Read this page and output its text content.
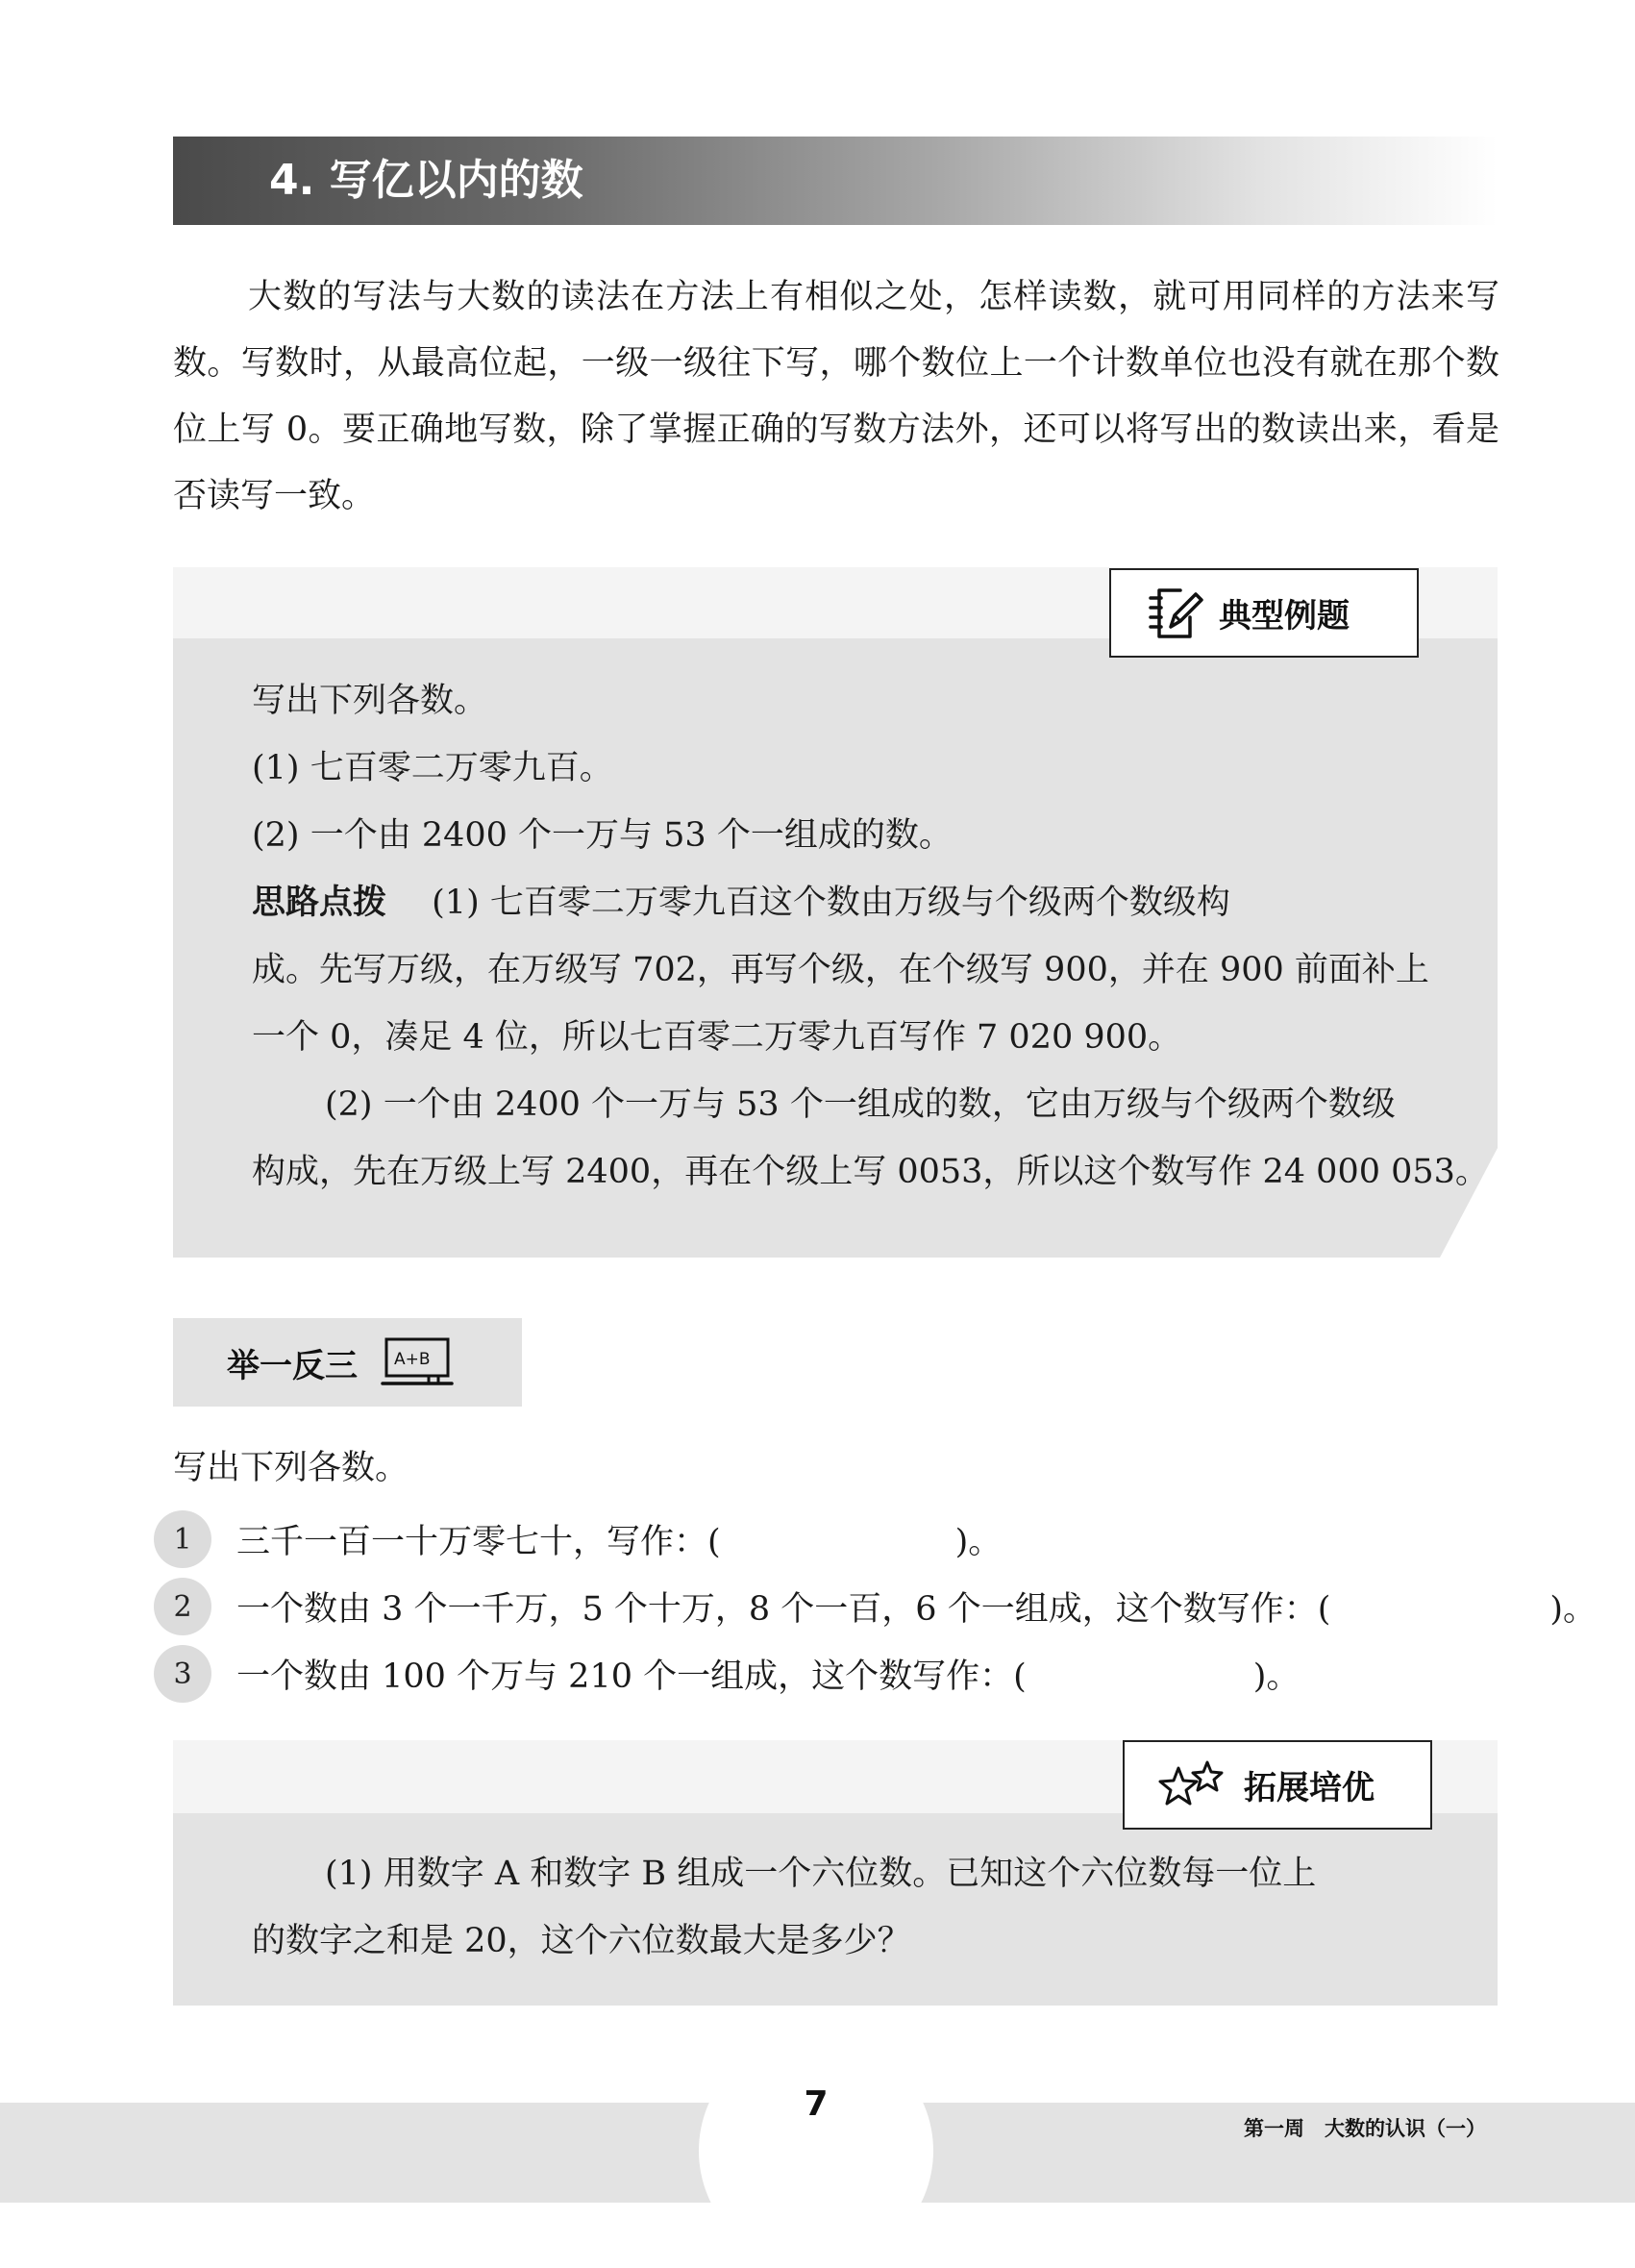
4. 写亿以内的数
大数的写法与大数的读法在方法上有相似之处，怎样读数，就可用同样的方法来写数。写数时，从最高位起，一级一级往下写，哪个数位上一个计数单位也没有就在那个数位上写 0。要正确地写数，除了掌握正确的写数方法外，还可以将写出的数读出来，看是否读写一致。
典型例题
写出下列各数。
(1) 七百零二万零九百。
(2) 一个由 2400 个一万与 53 个一组成的数。
思路点拨 (1) 七百零二万零九百这个数由万级与个级两个数级构
成。先写万级，在万级写 702，再写个级，在个级写 900，并在 900 前面补上
一个 0，凑足 4 位，所以七百零二万零九百写作 7 020 900。
(2) 一个由 2400 个一万与 53 个一组成的数，它由万级与个级两个数级
构成，先在万级上写 2400，再在个级上写 0053，所以这个数写作 24 000 053。
举一反三 A+B
写出下列各数。
1	三千一百一十万零七十，写作：(	)。
2	一个数由 3 个一千万，5 个十万，8 个一百，6 个一组成，这个数写作：(	)。
3	一个数由 100 个万与 210 个一组成，这个数写作：(	)。
拓展培优
(1) 用数字 A 和数字 B 组成一个六位数。已知这个六位数每一位上
的数字之和是 20，这个六位数最大是多少？
7
第一周　大数的认识（一）
